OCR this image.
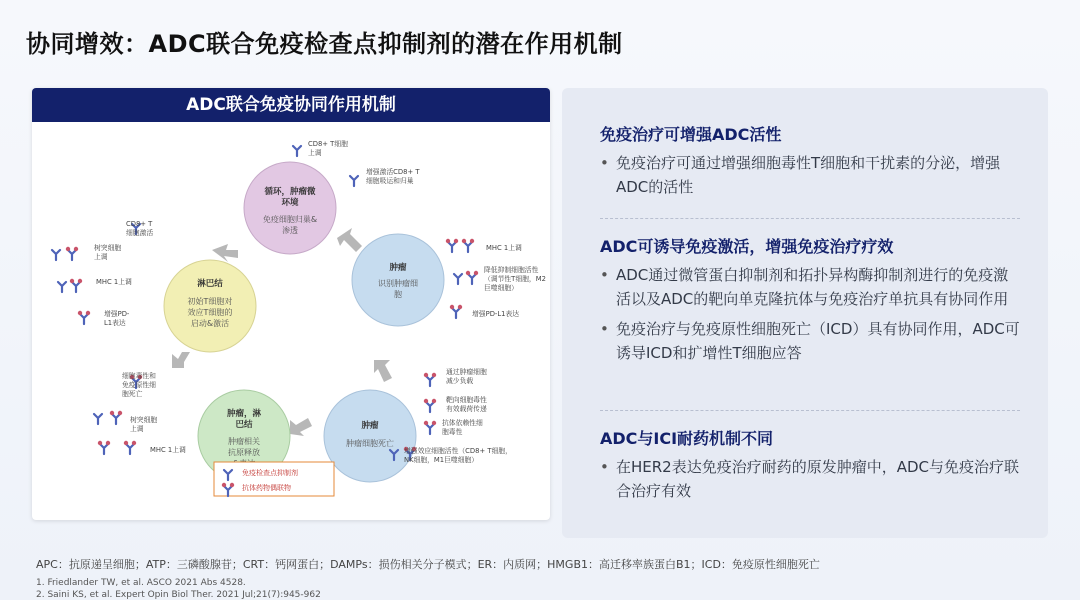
协同增效：ADC联合免疫检查点抑制剂的潜在作用机制
ADC联合免疫协同作用机制
循环，肿瘤微
环境
免疫细胞归巢&
渗透
肿瘤
识别肿瘤细
胞
肿瘤
肿瘤细胞死亡
肿瘤，淋
巴结
肿瘤相关
抗原释放
淋巴结
初始T细胞对
效应T细胞的
启动&激活
CD8+ T细胞
上调
增强激活CD8+ T
细胞吸运和归巢
MHC 1上调
降低抑制细胞活性
（调节性T细胞，M2
巨噬细胞）
增强PD-L1表达
通过肿瘤细胞
减少负载
靶向细胞毒性
有效载荷传递
抗体依赖性细
胞毒性
增强效应细胞活性（CD8+ T细胞，
NK细胞，M1巨噬细胞）
细胞毒性和
免疫原性细
胞死亡
树突细胞
上调
MHC 1上调
CD8+ T
细胞激活
树突细胞
上调
MHC 1上调
增强PD-
L1表达
免疫检查点抑制剂
抗体药物偶联物
免疫治疗可增强ADC活性
• 免疫治疗可通过增强细胞毒性T细胞和干扰素的分泌，增强ADC的活性
ADC可诱导免疫激活，增强免疫治疗疗效
• ADC通过微管蛋白抑制剂和拓扑异构酶抑制剂进行的免疫激活以及ADC的靶向单克隆抗体与免疫治疗单抗具有协同作用
• 免疫治疗与免疫原性细胞死亡（ICD）具有协同作用，ADC可诱导ICD和扩增性T细胞应答
ADC与ICI耐药机制不同
• 在HER2表达免疫治疗耐药的原发肿瘤中，ADC与免疫治疗联合治疗有效
APC：抗原递呈细胞；ATP：三磷酸腺苷；CRT：钙网蛋白；DAMPs：损伤相关分子模式；ER：内质网；HMGB1：高迁移率族蛋白B1；ICD：免疫原性细胞死亡
1. Friedlander TW, et al. ASCO 2021 Abs 4528.
2. Saini KS, et al. Expert Opin Biol Ther. 2021 Jul;21(7):945-962
